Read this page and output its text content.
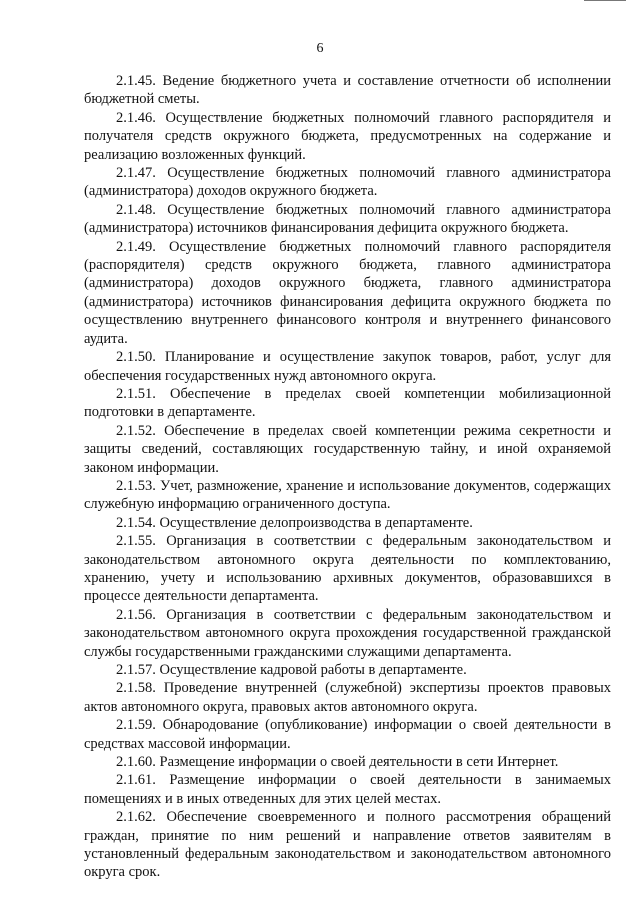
6

2.1.45. Ведение бюджетного учета и составление отчетности об исполнении бюджетной сметы.

2.1.46. Осуществление бюджетных полномочий главного распорядителя и получателя средств окружного бюджета, предусмотренных на содержание и реализацию возложенных функций.

2.1.47. Осуществление бюджетных полномочий главного администратора (администратора) доходов окружного бюджета.

2.1.48. Осуществление бюджетных полномочий главного администратора (администратора) источников финансирования дефицита окружного бюджета.

2.1.49. Осуществление бюджетных полномочий главного распорядителя (распорядителя) средств окружного бюджета, главного администратора (администратора) доходов окружного бюджета, главного администратора (администратора) источников финансирования дефицита окружного бюджета по осуществлению внутреннего финансового контроля и внутреннего финансового аудита.

2.1.50. Планирование и осуществление закупок товаров, работ, услуг для обеспечения государственных нужд автономного округа.

2.1.51. Обеспечение в пределах своей компетенции мобилизационной подготовки в департаменте.

2.1.52. Обеспечение в пределах своей компетенции режима секретности и защиты сведений, составляющих государственную тайну, и иной охраняемой законом информации.

2.1.53. Учет, размножение, хранение и использование документов, содержащих служебную информацию ограниченного доступа.

2.1.54. Осуществление делопроизводства в департаменте.

2.1.55. Организация в соответствии с федеральным законодательством и законодательством автономного округа деятельности по комплектованию, хранению, учету и использованию архивных документов, образовавшихся в процессе деятельности департамента.

2.1.56. Организация в соответствии с федеральным законодательством и законодательством автономного округа прохождения государственной гражданской службы государственными гражданскими служащими департамента.

2.1.57. Осуществление кадровой работы в департаменте.

2.1.58. Проведение внутренней (служебной) экспертизы проектов правовых актов автономного округа, правовых актов автономного округа.

2.1.59. Обнародование (опубликование) информации о своей деятельности в средствах массовой информации.

2.1.60. Размещение информации о своей деятельности в сети Интернет.

2.1.61. Размещение информации о своей деятельности в занимаемых помещениях и в иных отведенных для этих целей местах.

2.1.62. Обеспечение своевременного и полного рассмотрения обращений граждан, принятие по ним решений и направление ответов заявителям в установленный федеральным законодательством и законодательством автономного округа срок.
